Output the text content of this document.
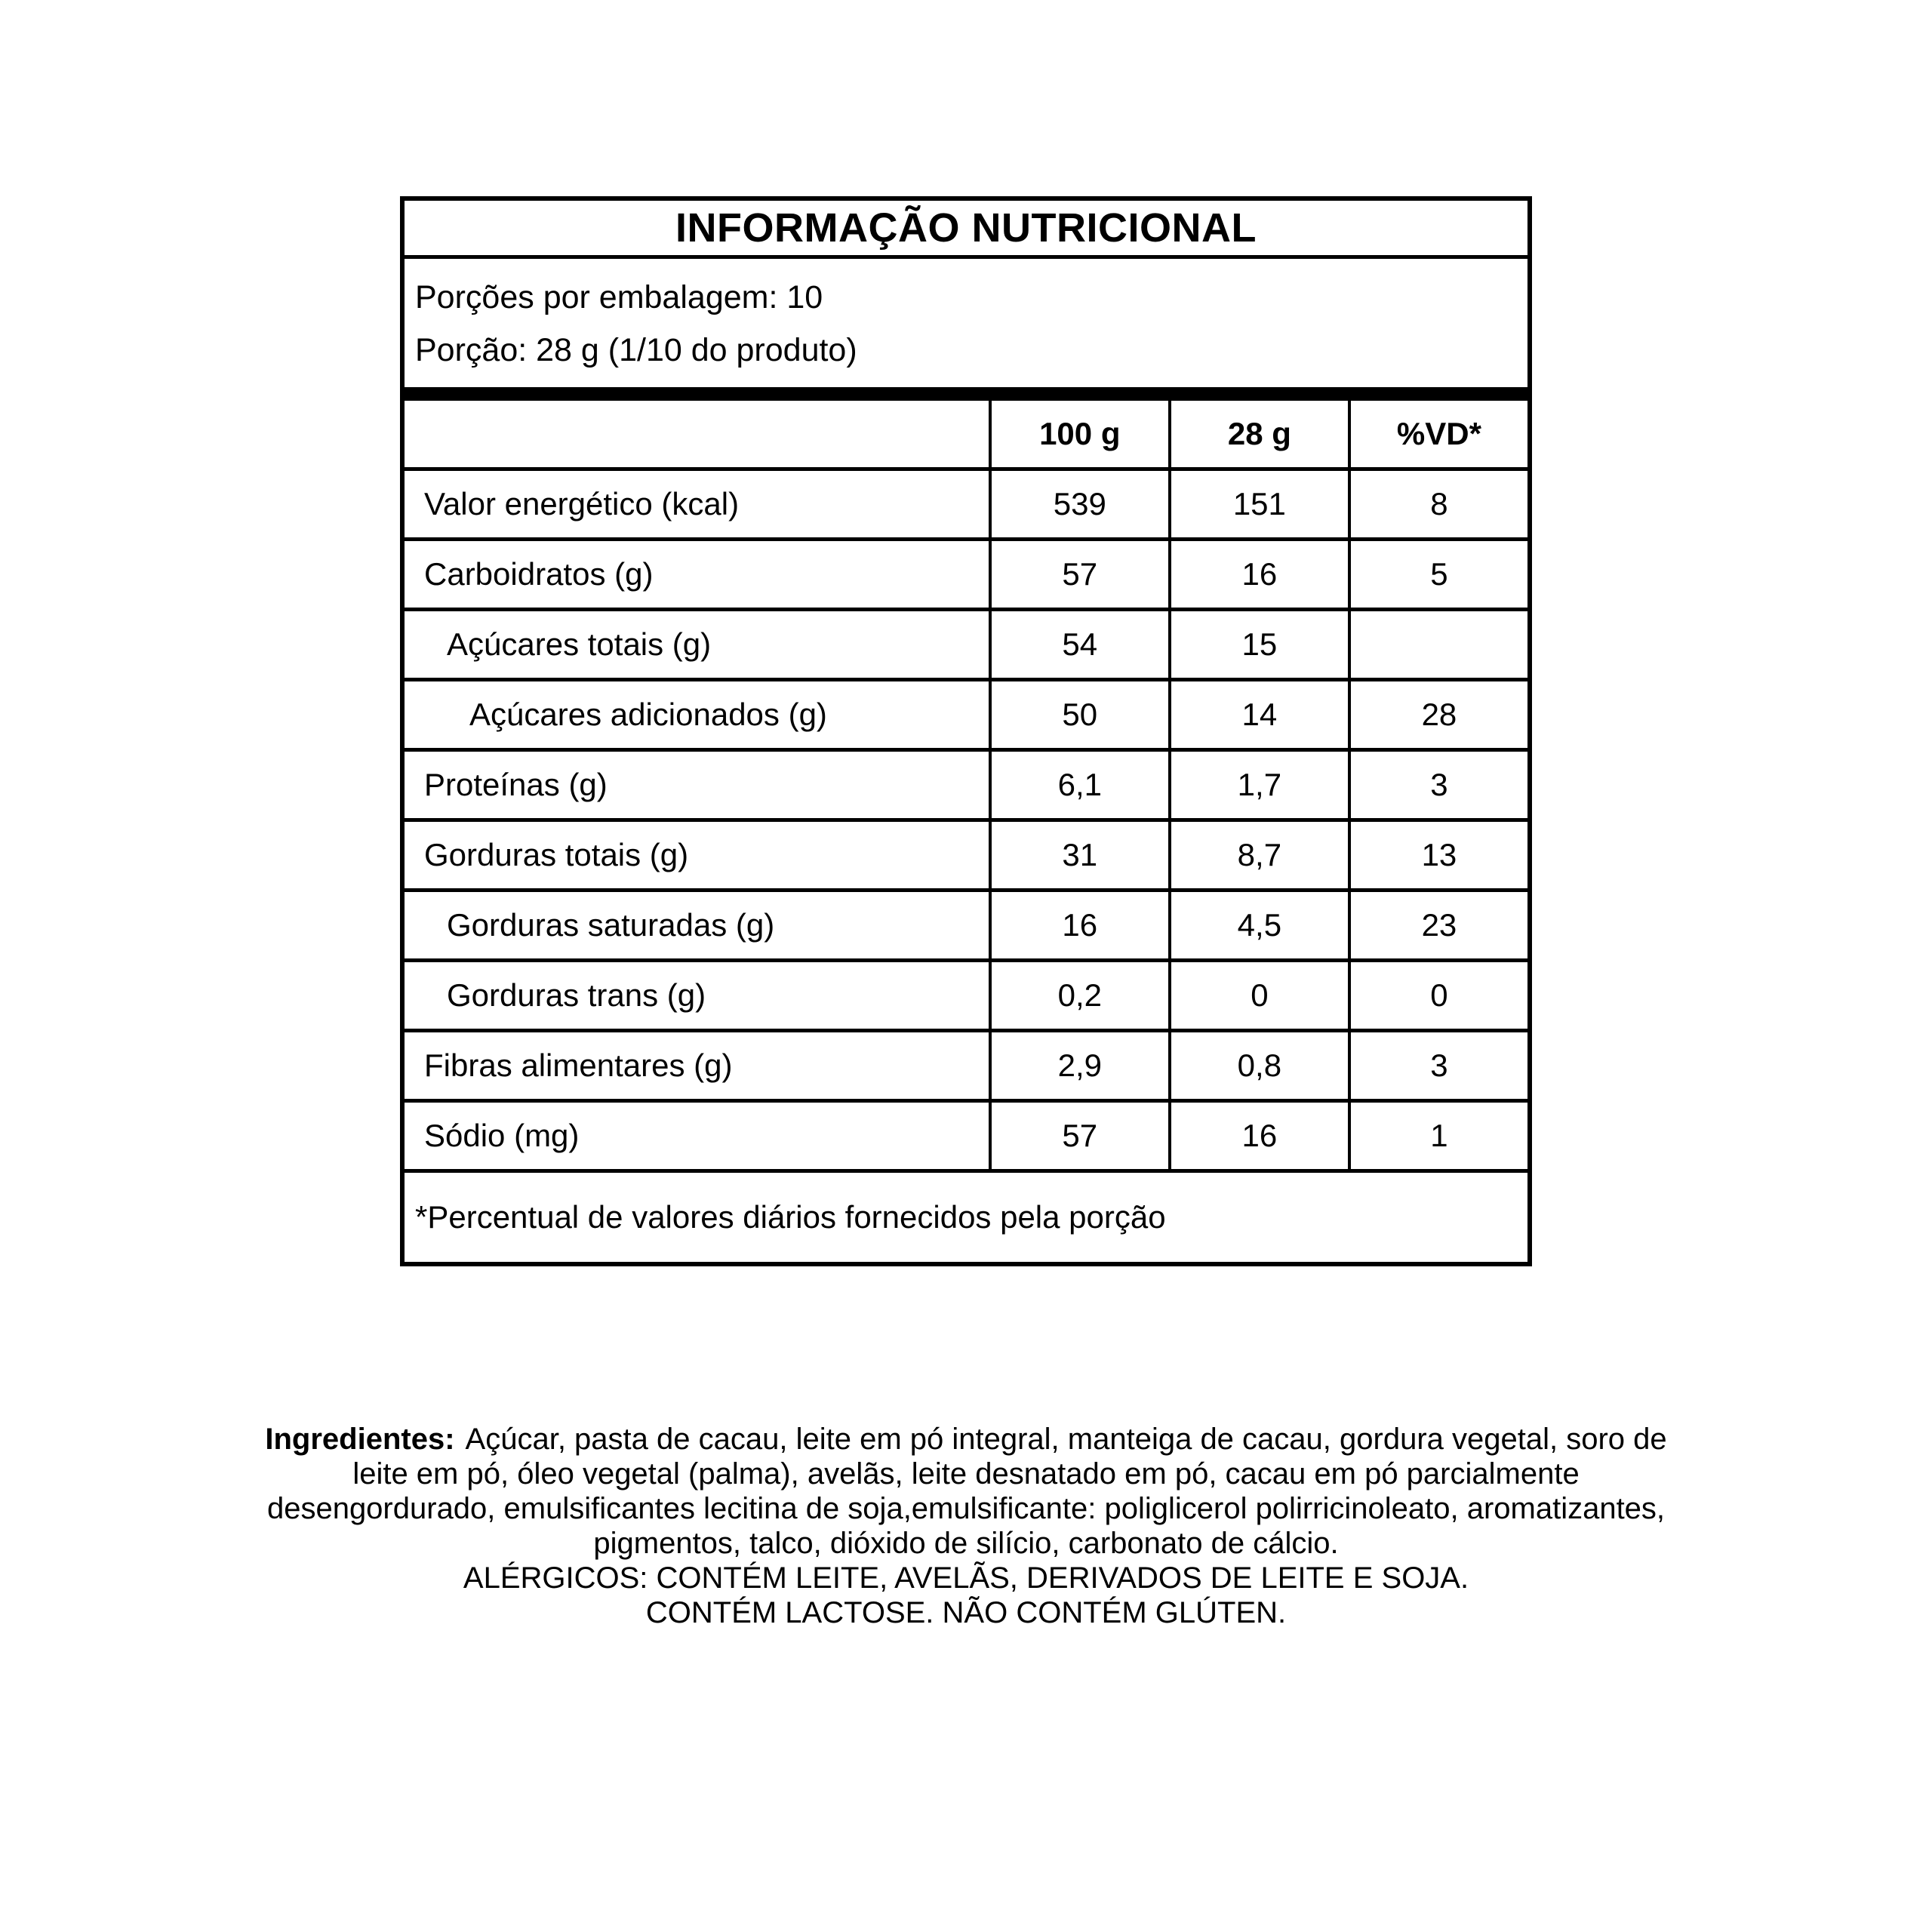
INFORMAÇÃO NUTRICIONAL
Porções por embalagem: 10
Porção: 28 g (1/10 do produto)
100 g	28 g	%VD*
Valor energético (kcal)	539	151	8
Carboidratos (g)	57	16	5
Açúcares totais (g)	54	15
Açúcares adicionados (g)	50	14	28
Proteínas (g)	6,1	1,7	3
Gorduras totais (g)	31	8,7	13
Gorduras saturadas (g)	16	4,5	23
Gorduras trans (g)	0,2	0	0
Fibras alimentares (g)	2,9	0,8	3
Sódio (mg)	57	16	1
*Percentual de valores diários fornecidos pela porção
Ingredientes: Açúcar, pasta de cacau, leite em pó integral, manteiga de cacau, gordura vegetal, soro de
leite em pó, óleo vegetal (palma), avelãs, leite desnatado em pó, cacau em pó parcialmente
desengordurado, emulsificantes lecitina de soja,emulsificante: poliglicerol polirricinoleato, aromatizantes,
pigmentos, talco, dióxido de silício, carbonato de cálcio.
ALÉRGICOS: CONTÉM LEITE, AVELÃS, DERIVADOS DE LEITE E SOJA.
CONTÉM LACTOSE. NÃO CONTÉM GLÚTEN.
